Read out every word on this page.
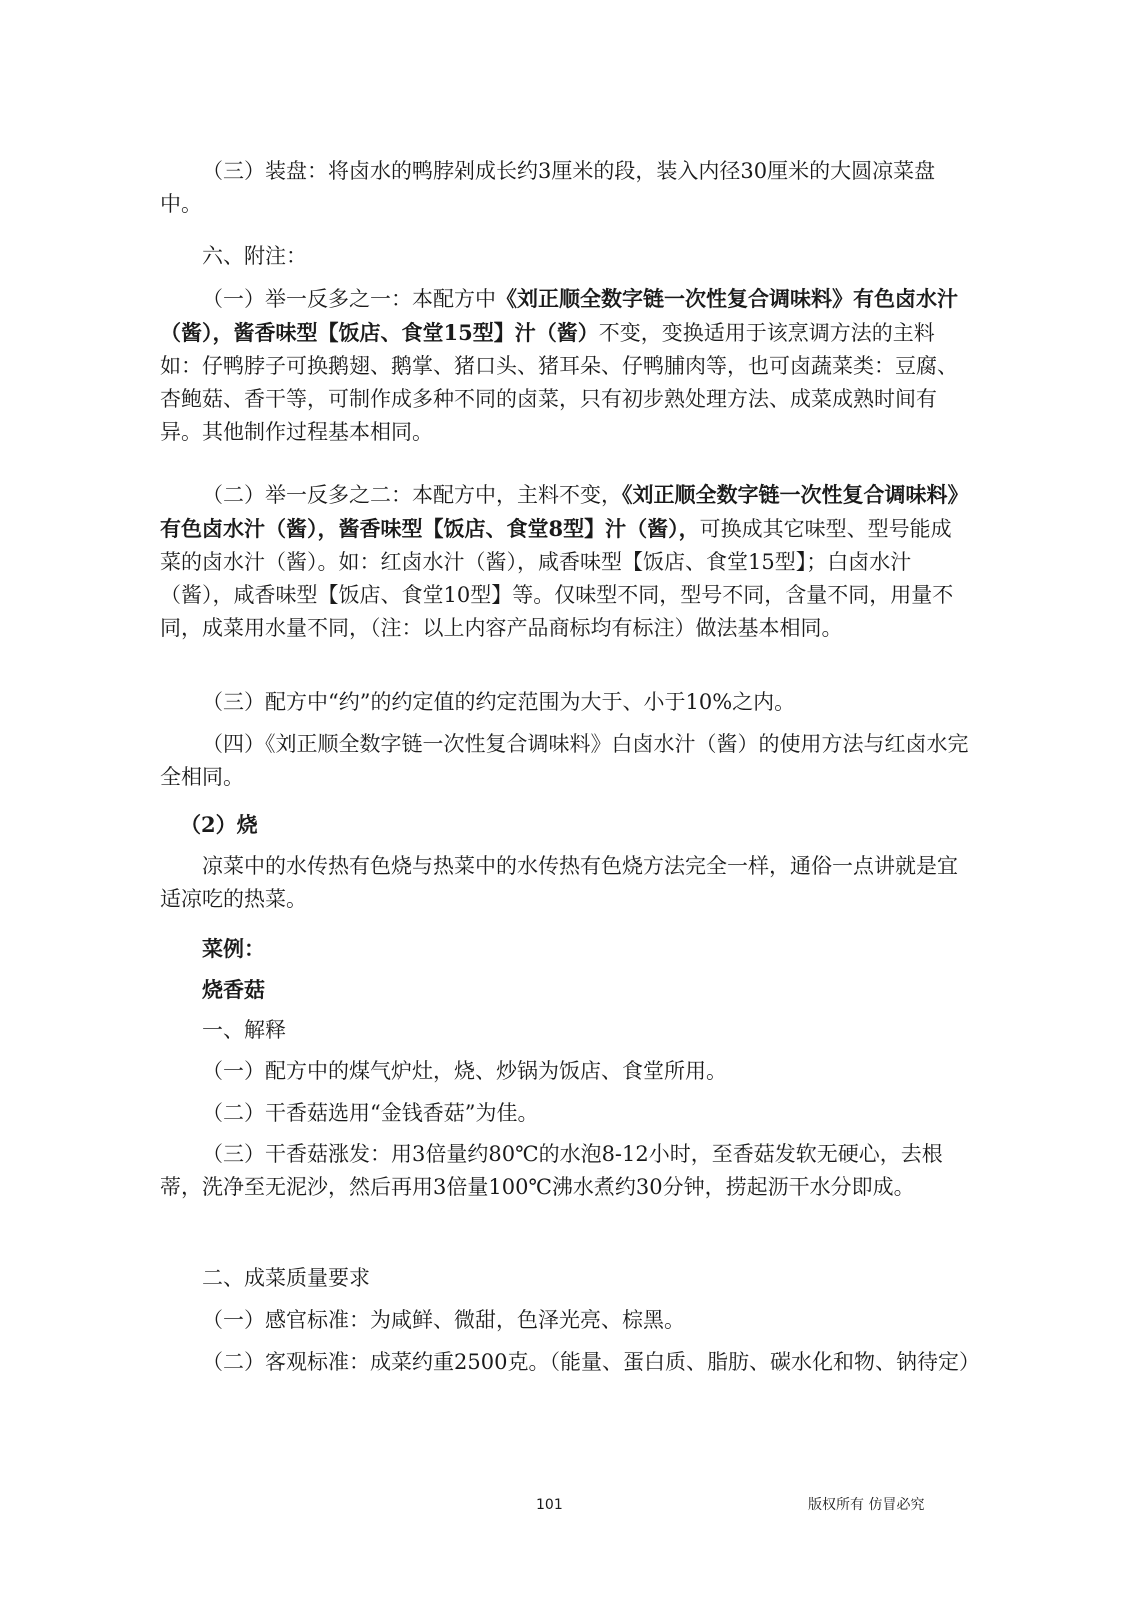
（三）装盘：将卤水的鸭脖剁成长约3厘米的段，装入内径30厘米的大圆凉菜盘中。

六、附注：

（一）举一反多之一：本配方中《刘正顺全数字链一次性复合调味料》有色卤水汁（酱），酱香味型【饭店、食堂15型】汁（酱）不变，变换适用于该烹调方法的主料如：仔鸭脖子可换鹅翅、鹅掌、猪口头、猪耳朵、仔鸭脯肉等，也可卤蔬菜类：豆腐、杏鲍菇、香干等，可制作成多种不同的卤菜，只有初步熟处理方法、成菜成熟时间有异。其他制作过程基本相同。

（二）举一反多之二：本配方中，主料不变，《刘正顺全数字链一次性复合调味料》有色卤水汁（酱），酱香味型【饭店、食堂8型】汁（酱），可换成其它味型、型号能成菜的卤水汁（酱）。如：红卤水汁（酱），咸香味型【饭店、食堂15型】；白卤水汁（酱），咸香味型【饭店、食堂10型】等。仅味型不同，型号不同，含量不同，用量不同，成菜用水量不同，（注：以上内容产品商标均有标注）做法基本相同。

（三）配方中“约”的约定值的约定范围为大于、小于10%之内。

（四）《刘正顺全数字链一次性复合调味料》白卤水汁（酱）的使用方法与红卤水完全相同。

（2）烧

凉菜中的水传热有色烧与热菜中的水传热有色烧方法完全一样，通俗一点讲就是宜适凉吃的热菜。

菜例：

烧香菇

一、解释

（一）配方中的煤气炉灶，烧、炒锅为饭店、食堂所用。

（二）干香菇选用“金钱香菇”为佳。

（三）干香菇涨发：用3倍量约80℃的水泡8-12小时，至香菇发软无硬心，去根蒂，洗净至无泥沙，然后再用3倍量100℃沸水煮约30分钟，捞起沥干水分即成。

二、成菜质量要求

（一）感官标准：为咸鲜、微甜，色泽光亮、棕黑。

（二）客观标准：成菜约重2500克。（能量、蛋白质、脂肪、碳水化和物、钠待定）

101	版权所有 仿冒必究
